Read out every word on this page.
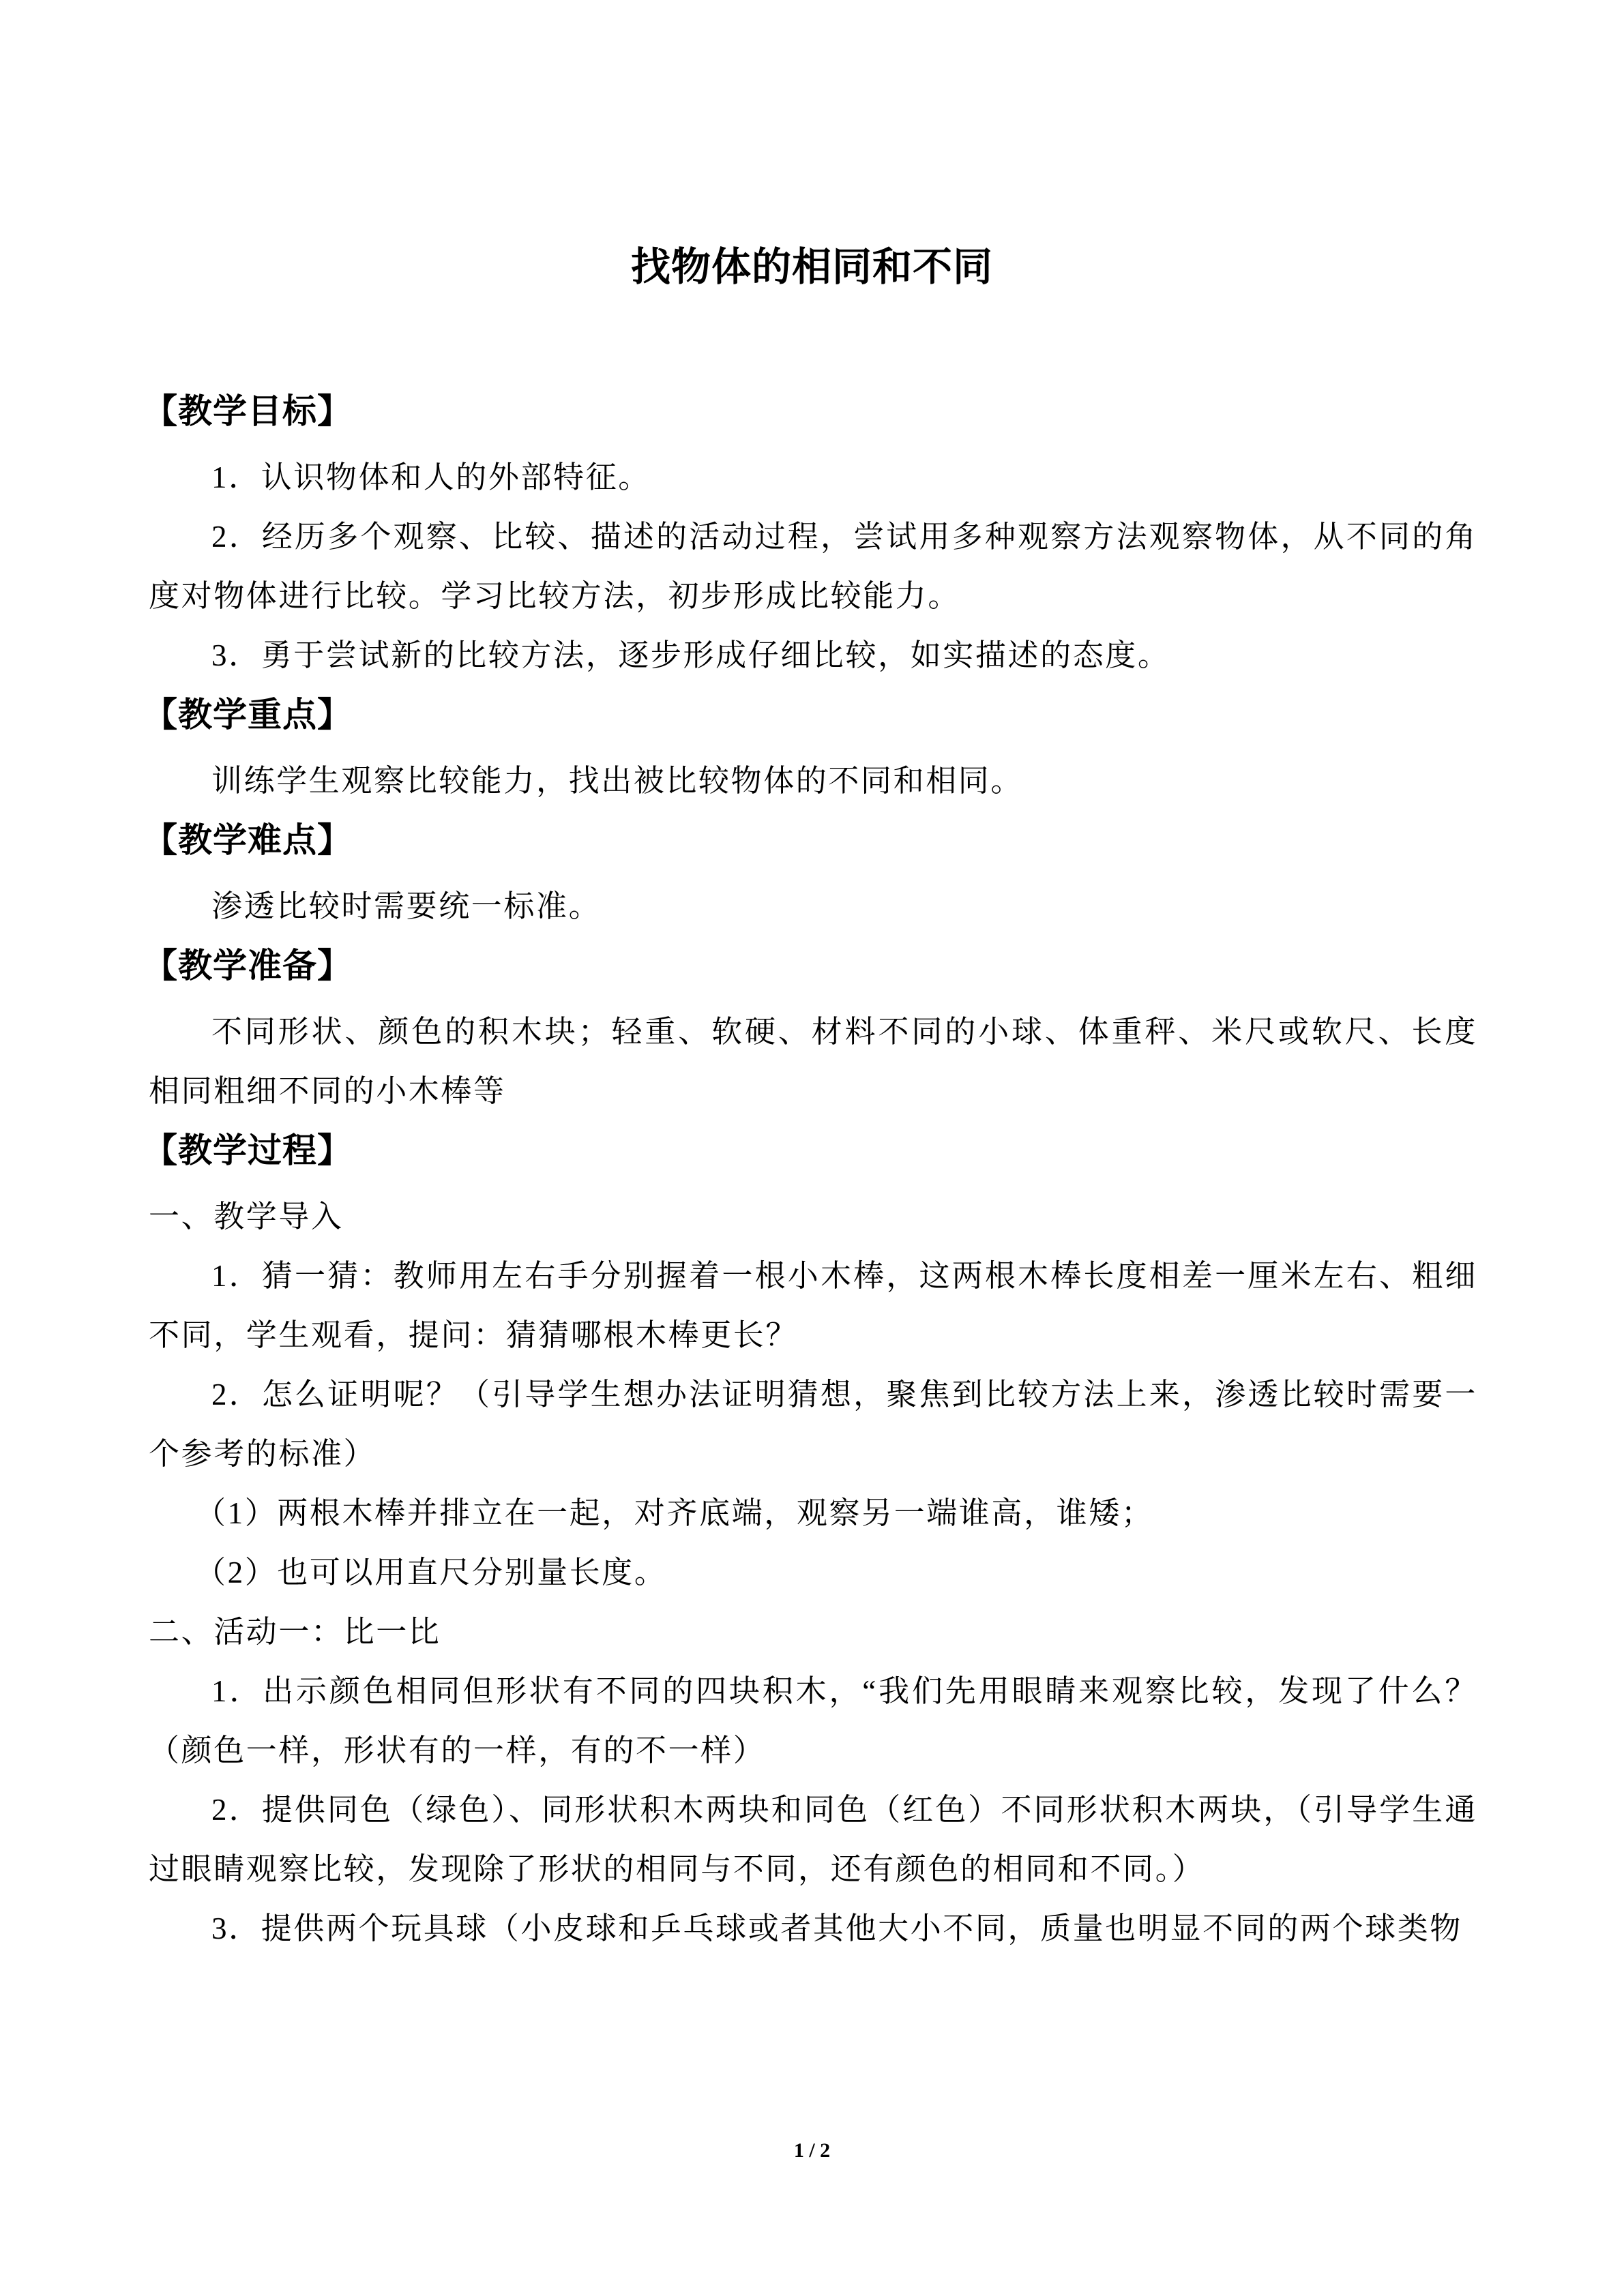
找物体的相同和不同
【教学目标】

1．认识物体和人的外部特征。

2．经历多个观察、比较、描述的活动过程，尝试用多种观察方法观察物体，从不同的角度对物体进行比较。学习比较方法，初步形成比较能力。

3．勇于尝试新的比较方法，逐步形成仔细比较，如实描述的态度。

【教学重点】

训练学生观察比较能力，找出被比较物体的不同和相同。

【教学难点】

渗透比较时需要统一标准。

【教学准备】

不同形状、颜色的积木块；轻重、软硬、材料不同的小球、体重秤、米尺或软尺、长度相同粗细不同的小木棒等

【教学过程】

一、教学导入

1．猜一猜：教师用左右手分别握着一根小木棒，这两根木棒长度相差一厘米左右、粗细不同，学生观看，提问：猜猜哪根木棒更长？

2．怎么证明呢？（引导学生想办法证明猜想，聚焦到比较方法上来，渗透比较时需要一个参考的标准）

（1）两根木棒并排立在一起，对齐底端，观察另一端谁高，谁矮；

（2）也可以用直尺分别量长度。

二、活动一：比一比

1．出示颜色相同但形状有不同的四块积木，“我们先用眼睛来观察比较，发现了什么？（颜色一样，形状有的一样，有的不一样）

2．提供同色（绿色）、同形状积木两块和同色（红色）不同形状积木两块，（引导学生通过眼睛观察比较，发现除了形状的相同与不同，还有颜色的相同和不同。）

3．提供两个玩具球（小皮球和乒乓球或者其他大小不同，质量也明显不同的两个球类物

1 / 2
